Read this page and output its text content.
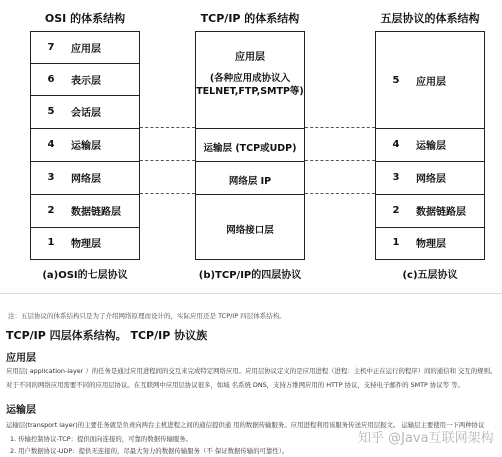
OSI 的体系结构	TCP/IP 的体系结构	五层协议的体系结构
7	应用层
6	表示层
5	会话层
4	运输层
3	网络层
2	数据链路层
1	物理层
应用层
(各种应用成协议入
TELNET,FTP,SMTP等)
运输层 (TCP或UDP)
网络层 IP
网络接口层
5	应用层
4	运输层
3	网络层
2	数据链路层
1	物理层
(a)OSI的七层协议	(b)TCP/IP的四层协议	(c)五层协议
注：五层协议的体系结构只是为了介绍网络原理而设计的，实际应用还是 TCP/IP 四层体系结构。
TCP/IP 四层体系结构。 TCP/IP 协议族
应用层
应用层( application-layer ）的任务是通过应用进程间的交互来完成特定网络应用。应用层协议定义的是应用进程（进程：主机中正在运行的程序）间的通信和 交互的规则。
对于不同的网络应用需要不同的应用层协议。在互联网中应用层协议很多，如域 名系统 DNS，支持万维网应用的 HTTP 协议，支持电子邮件的 SMTP 协议等 等。
运输层
运输层(transport layer)的主要任务就是负责向两台主机进程之间的通信提供通 用的数据传输服务。应用进程利用该服务传送应用层报文。 运输层主要使用一下两种协议
1. 传输控制协议-TCP：提供面向连接的，可靠的数据传输服务。
2. 用户数据协议-UDP：提供无连接的，尽最大努力的数据传输服务（不 保证数据传输的可靠性）。
知乎 @Java互联网架构
